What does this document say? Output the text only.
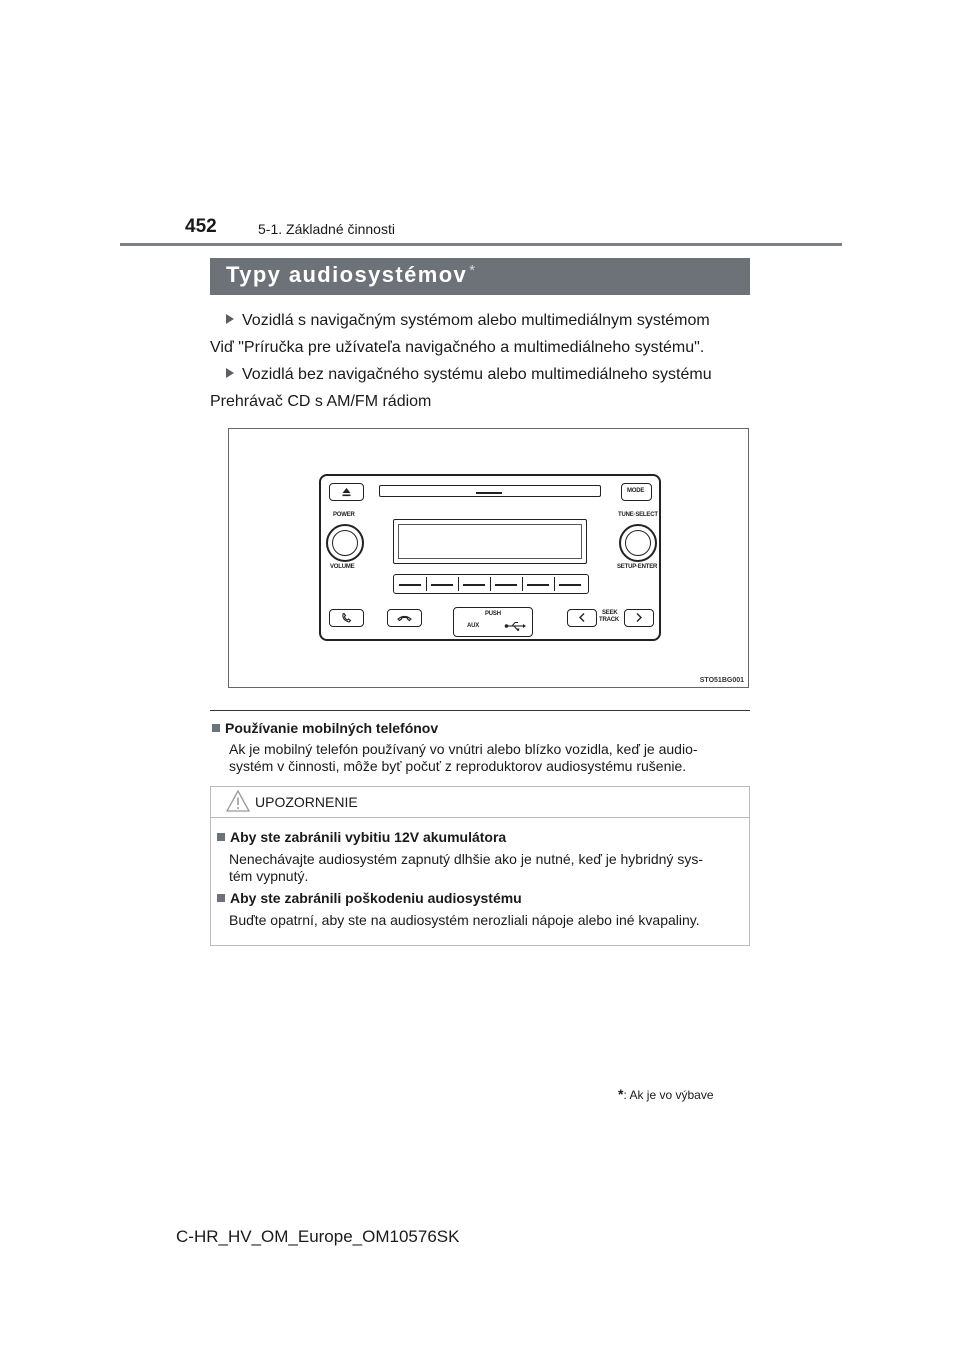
452	5-1. Základné činnosti
Typy audiosystémov *
Vozidlá s navigačným systémom alebo multimediálnym systémom
Viď "Príručka pre užívateľa navigačného a multimediálneho systému".
Vozidlá bez navigačného systému alebo multimediálneho systému
Prehrávač CD s AM/FM rádiom
MODE
POWER
VOLUME
TUNE·SELECT
SETUP·ENTER
PUSH
AUX
SEEK
TRACK
STO51BG001
Používanie mobilných telefónov
Ak je mobilný telefón používaný vo vnútri alebo blízko vozidla, keď je audio-
systém v činnosti, môže byť počuť z reproduktorov audiosystému rušenie.
UPOZORNENIE
Aby ste zabránili vybitiu 12V akumulátora
Nenechávajte audiosystém zapnutý dlhšie ako je nutné, keď je hybridný sys-
tém vypnutý.
Aby ste zabránili poškodeniu audiosystému
Buďte opatrní, aby ste na audiosystém nerozliali nápoje alebo iné kvapaliny.
*: Ak je vo výbave
C-HR_HV_OM_Europe_OM10576SK
